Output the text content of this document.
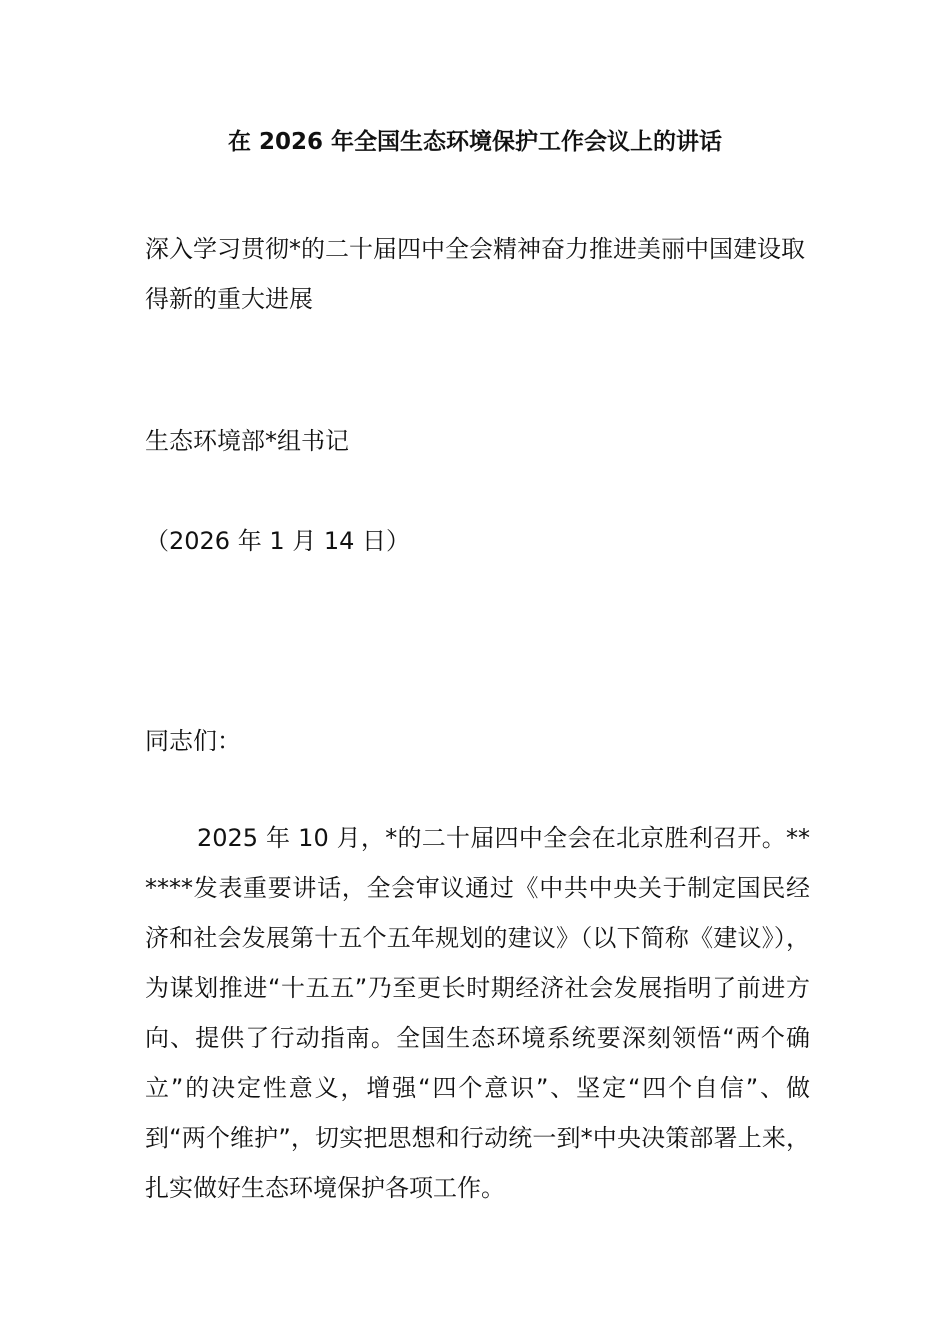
在 2026 年全国生态环境保护工作会议上的讲话
深入学习贯彻*的二十届四中全会精神奋力推进美丽中国建设取得新的重大进展
生态环境部*组书记
（2026 年 1 月 14 日）
同志们：
2025 年 10 月，*的二十届四中全会在北京胜利召开。******发表重要讲话，全会审议通过《中共中央关于制定国民经济和社会发展第十五个五年规划的建议》（以下简称《建议》），为谋划推进“十五五”乃至更长时期经济社会发展指明了前进方向、提供了行动指南。全国生态环境系统要深刻领悟“两个确立”的决定性意义，增强“四个意识”、坚定“四个自信”、做到“两个维护”，切实把思想和行动统一到*中央决策部署上来，扎实做好生态环境保护各项工作。
